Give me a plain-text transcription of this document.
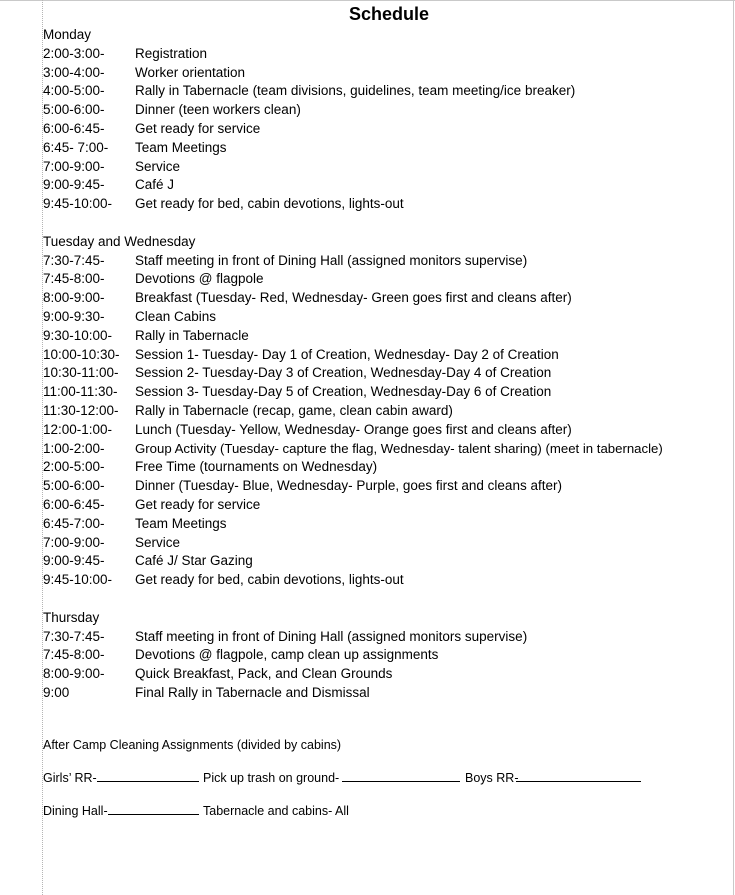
Schedule
Monday
2:00-3:00- Registration
3:00-4:00- Worker orientation
4:00-5:00- Rally in Tabernacle (team divisions, guidelines, team meeting/ice breaker)
5:00-6:00- Dinner (teen workers clean)
6:00-6:45- Get ready for service
6:45- 7:00- Team Meetings
7:00-9:00- Service
9:00-9:45- Café J
9:45-10:00- Get ready for bed, cabin devotions, lights-out
Tuesday and Wednesday
7:30-7:45- Staff meeting in front of Dining Hall (assigned monitors supervise)
7:45-8:00- Devotions @ flagpole
8:00-9:00- Breakfast (Tuesday- Red, Wednesday- Green goes first and cleans after)
9:00-9:30- Clean Cabins
9:30-10:00- Rally in Tabernacle
10:00-10:30- Session 1- Tuesday- Day 1 of Creation, Wednesday- Day 2 of Creation
10:30-11:00- Session 2- Tuesday-Day 3 of Creation, Wednesday-Day 4 of Creation
11:00-11:30- Session 3- Tuesday-Day 5 of Creation, Wednesday-Day 6 of Creation
11:30-12:00- Rally in Tabernacle (recap, game, clean cabin award)
12:00-1:00- Lunch (Tuesday- Yellow, Wednesday- Orange goes first and cleans after)
1:00-2:00- Group Activity (Tuesday- capture the flag, Wednesday- talent sharing) (meet in tabernacle)
2:00-5:00- Free Time (tournaments on Wednesday)
5:00-6:00- Dinner (Tuesday- Blue, Wednesday- Purple, goes first and cleans after)
6:00-6:45- Get ready for service
6:45-7:00- Team Meetings
7:00-9:00- Service
9:00-9:45- Café J/ Star Gazing
9:45-10:00- Get ready for bed, cabin devotions, lights-out
Thursday
7:30-7:45- Staff meeting in front of Dining Hall (assigned monitors supervise)
7:45-8:00- Devotions @ flagpole, camp clean up assignments
8:00-9:00- Quick Breakfast, Pack, and Clean Grounds
9:00	Final Rally in Tabernacle and Dismissal
After Camp Cleaning Assignments (divided by cabins)
Girls’ RR-	Pick up trash on ground-	Boys RR-
Dining Hall-	Tabernacle and cabins- All
